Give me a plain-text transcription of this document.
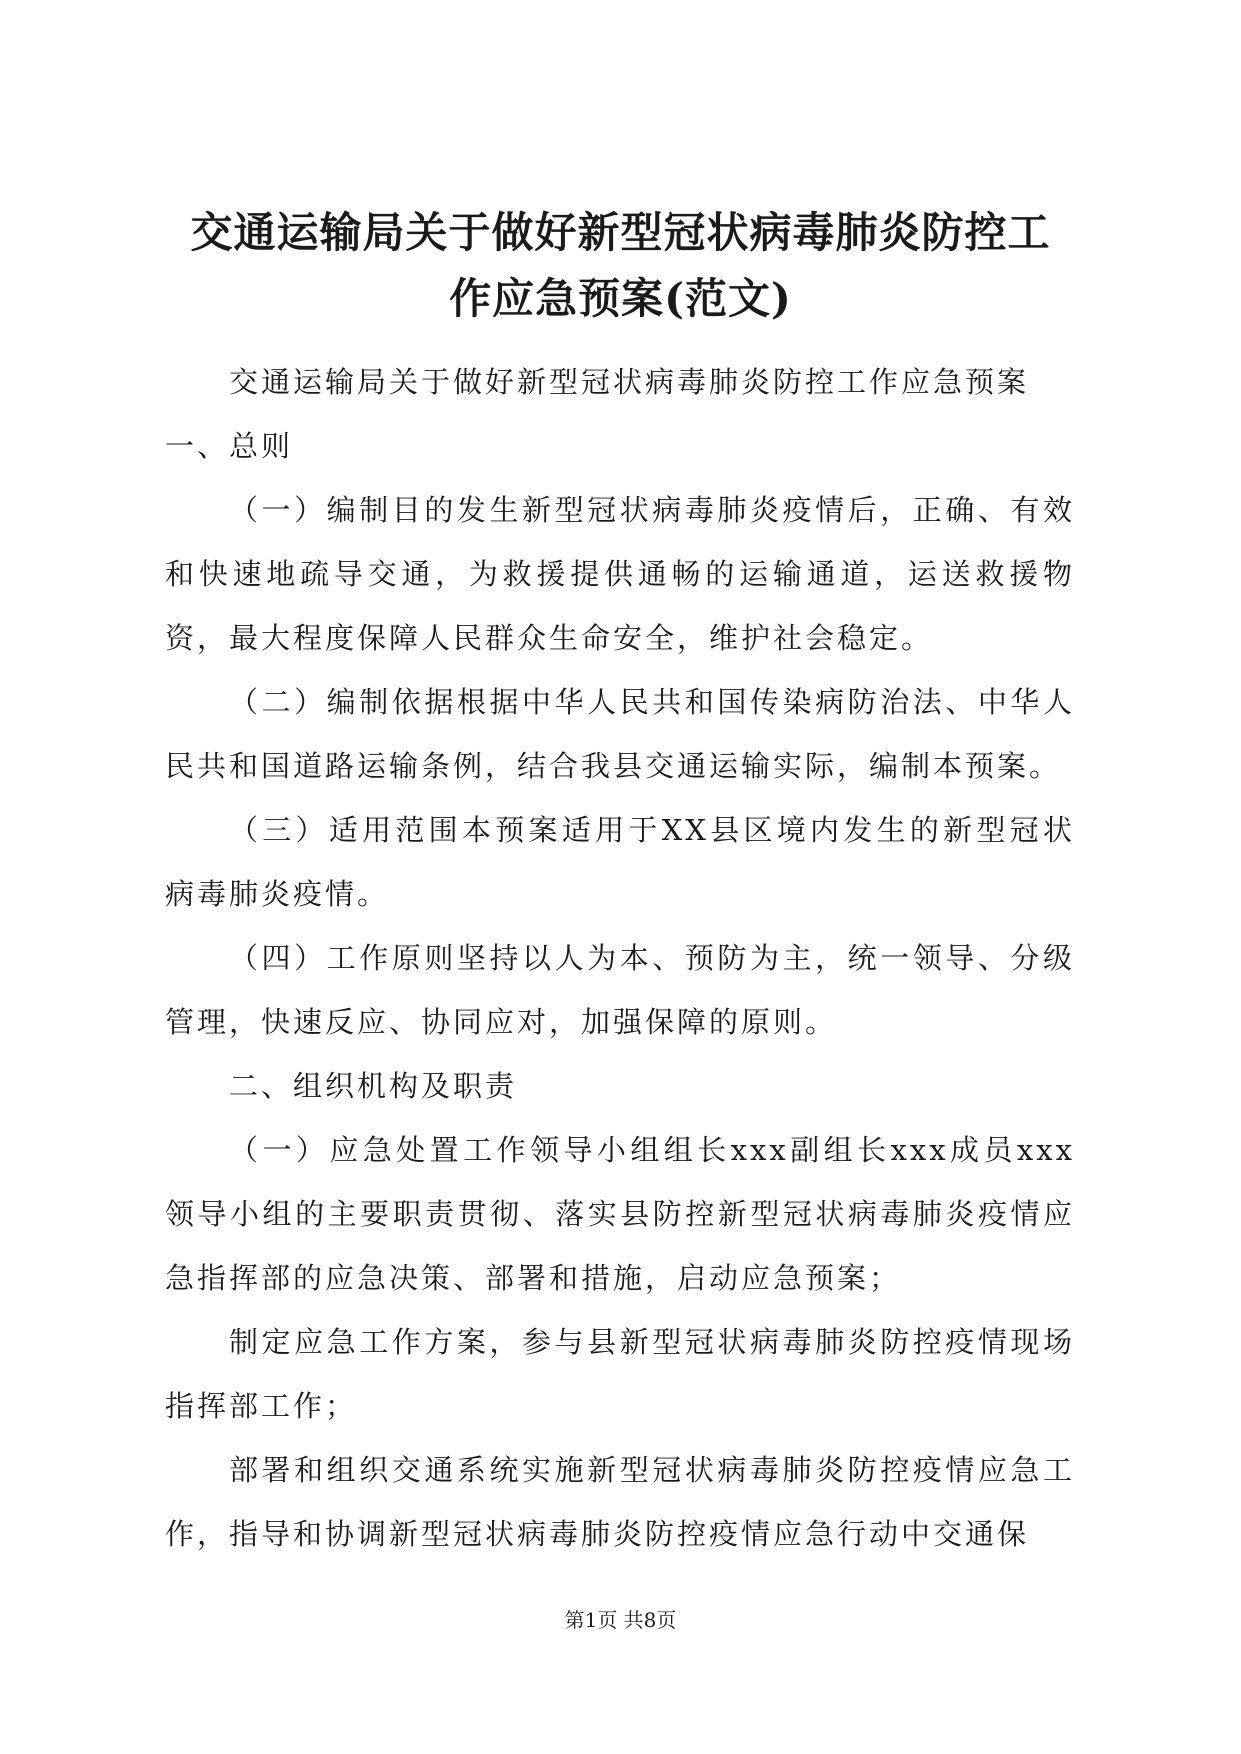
交通运输局关于做好新型冠状病毒肺炎防控工
作应急预案(范文)

交通运输局关于做好新型冠状病毒肺炎防控工作应急预案

一、总则

（一）编制目的发生新型冠状病毒肺炎疫情后，正确、有效和快速地疏导交通，为救援提供通畅的运输通道，运送救援物资，最大程度保障人民群众生命安全，维护社会稳定。

（二）编制依据根据中华人民共和国传染病防治法、中华人民共和国道路运输条例，结合我县交通运输实际，编制本预案。

（三）适用范围本预案适用于XX县区境内发生的新型冠状病毒肺炎疫情。

（四）工作原则坚持以人为本、预防为主，统一领导、分级管理，快速反应、协同应对，加强保障的原则。

二、组织机构及职责

（一）应急处置工作领导小组组长xxx副组长xxx成员xxx领导小组的主要职责贯彻、落实县防控新型冠状病毒肺炎疫情应急指挥部的应急决策、部署和措施，启动应急预案；

制定应急工作方案，参与县新型冠状病毒肺炎防控疫情现场指挥部工作；

部署和组织交通系统实施新型冠状病毒肺炎防控疫情应急工作，指导和协调新型冠状病毒肺炎防控疫情应急行动中交通保

第1页 共8页
